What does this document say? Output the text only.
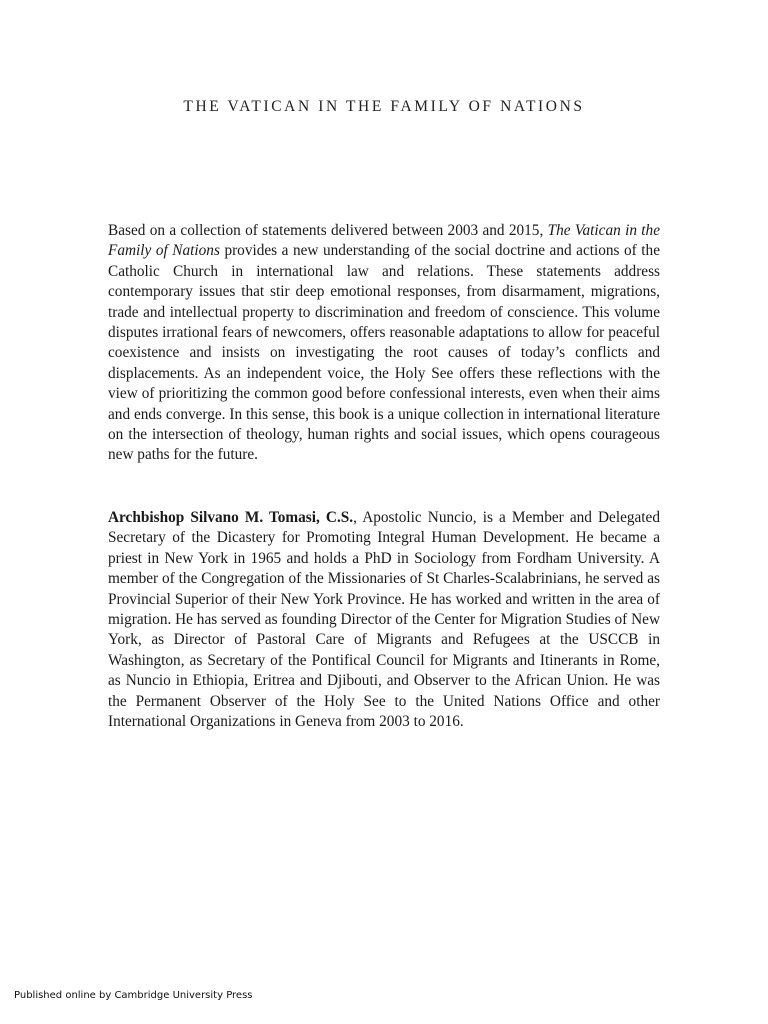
THE VATICAN IN THE FAMILY OF NATIONS

Based on a collection of statements delivered between 2003 and 2015, The Vatican in the Family of Nations provides a new understanding of the social doctrine and actions of the Catholic Church in international law and relations. These statements address contemporary issues that stir deep emotional responses, from disarmament, migrations, trade and intellectual property to discrimination and freedom of conscience. This volume disputes irrational fears of newcomers, offers reasonable adaptations to allow for peaceful coexistence and insists on investigating the root causes of today’s conflicts and displacements. As an independent voice, the Holy See offers these reflections with the view of prioritizing the common good before confessional interests, even when their aims and ends converge. In this sense, this book is a unique collection in international literature on the intersection of theology, human rights and social issues, which opens courageous new paths for the future.

Archbishop Silvano M. Tomasi, C.S., Apostolic Nuncio, is a Member and Delegated Secretary of the Dicastery for Promoting Integral Human Development. He became a priest in New York in 1965 and holds a PhD in Sociology from Fordham University. A member of the Congregation of the Missionaries of St Charles-Scalabrinians, he served as Provincial Superior of their New York Province. He has worked and written in the area of migration. He has served as founding Director of the Center for Migration Studies of New York, as Director of Pastoral Care of Migrants and Refugees at the USCCB in Washington, as Secretary of the Pontifical Council for Migrants and Itinerants in Rome, as Nuncio in Ethiopia, Eritrea and Djibouti, and Observer to the African Union. He was the Permanent Observer of the Holy See to the United Nations Office and other International Organizations in Geneva from 2003 to 2016.

Published online by Cambridge University Press
